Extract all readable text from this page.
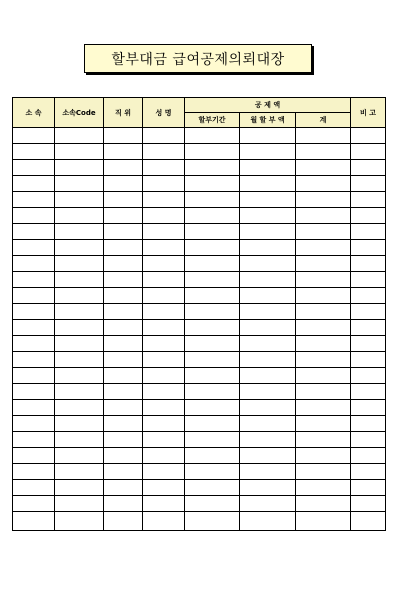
할부대금 급여공제의뢰대장
소 속	소속Code	직 위	성 명	공 제 액			비 고
				할부기간	월 할 부 액	계	
